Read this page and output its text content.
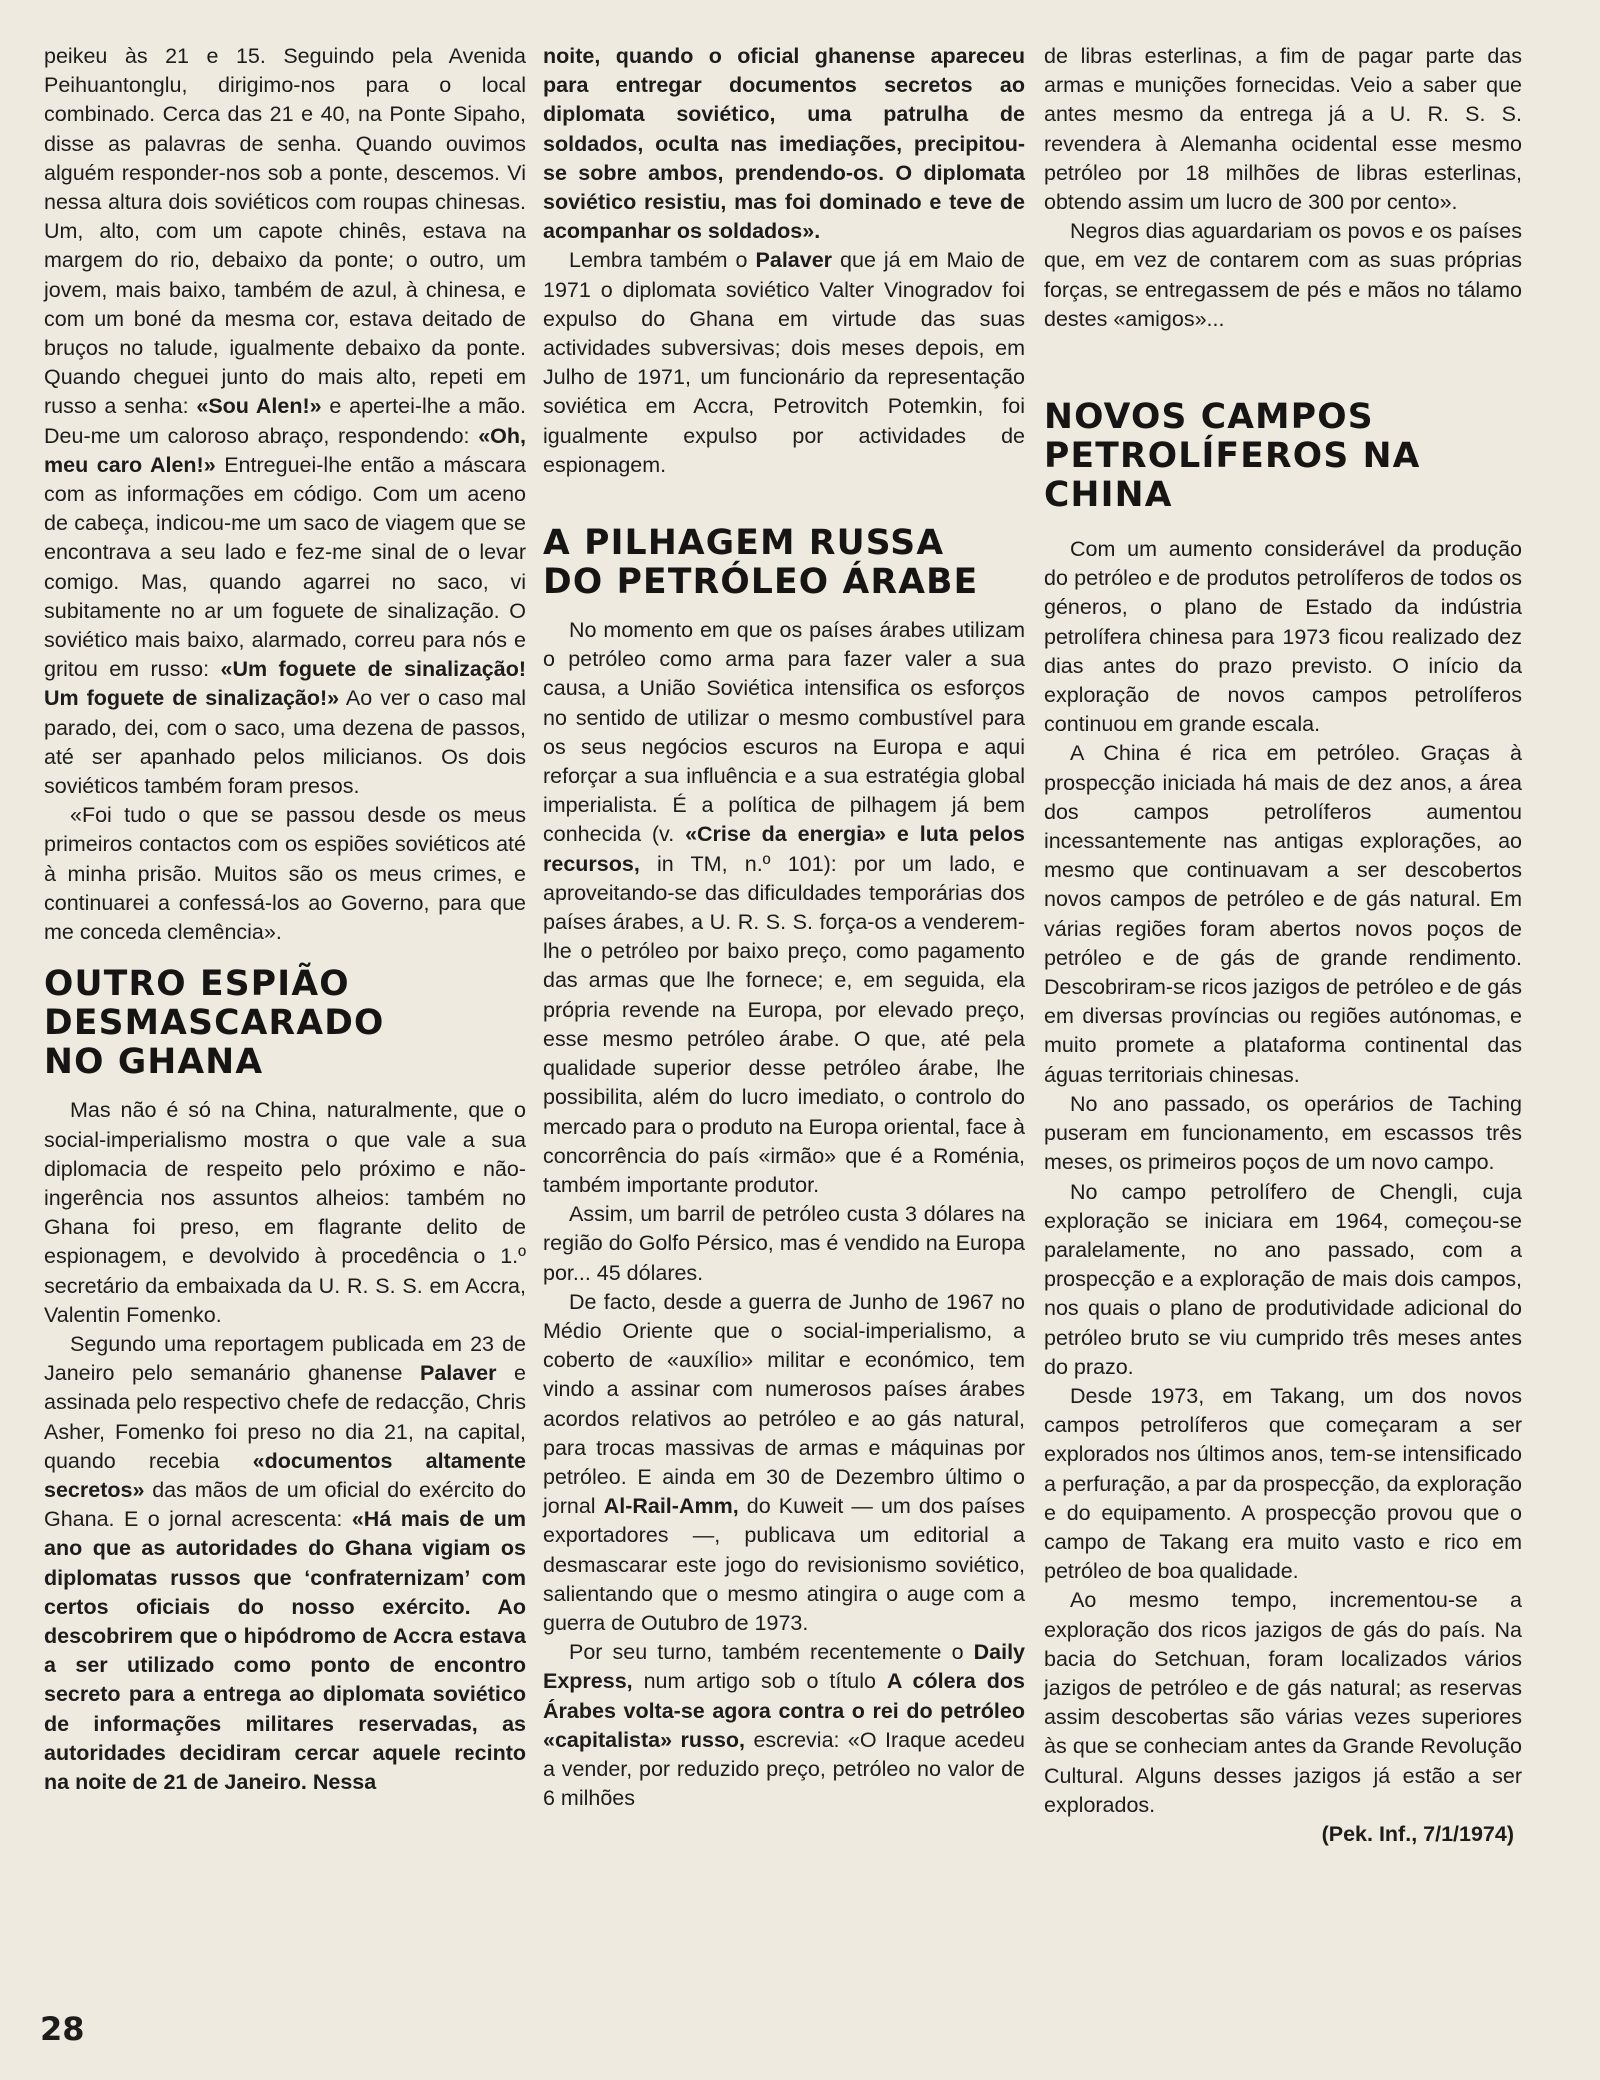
peikeu às 21 e 15. Seguindo pela Avenida Peihuantonglu, dirigimo-nos para o local combinado. Cerca das 21 e 40, na Ponte Sipaho, disse as palavras de senha. Quando ouvimos alguém responder-nos sob a ponte, descemos. Vi nessa altura dois soviéticos com roupas chinesas. Um, alto, com um capote chinês, estava na margem do rio, debaixo da ponte; o outro, um jovem, mais baixo, também de azul, à chinesa, e com um boné da mesma cor, estava deitado de bruços no talude, igualmente debaixo da ponte. Quando cheguei junto do mais alto, repeti em russo a senha: «Sou Alen!» e apertei-lhe a mão. Deu-me um caloroso abraço, respondendo: «Oh, meu caro Alen!» Entreguei-lhe então a máscara com as informações em código. Com um aceno de cabeça, indicou-me um saco de viagem que se encontrava a seu lado e fez-me sinal de o levar comigo. Mas, quando agarrei no saco, vi subitamente no ar um foguete de sinalização. O soviético mais baixo, alarmado, correu para nós e gritou em russo: «Um foguete de sinalização! Um foguete de sinalização!» Ao ver o caso mal parado, dei, com o saco, uma dezena de passos, até ser apanhado pelos milicianos. Os dois soviéticos também foram presos.

«Foi tudo o que se passou desde os meus primeiros contactos com os espiões soviéticos até à minha prisão. Muitos são os meus crimes, e continuarei a confessá-los ao Governo, para que me conceda clemência».

OUTRO ESPIÃO
DESMASCARADO
NO GHANA

Mas não é só na China, naturalmente, que o social-imperialismo mostra o que vale a sua diplomacia de respeito pelo próximo e não-ingerência nos assuntos alheios: também no Ghana foi preso, em flagrante delito de espionagem, e devolvido à procedência o 1.º secretário da embaixada da U. R. S. S. em Accra, Valentin Fomenko.

Segundo uma reportagem publicada em 23 de Janeiro pelo semanário ghanense Palaver e assinada pelo respectivo chefe de redacção, Chris Asher, Fomenko foi preso no dia 21, na capital, quando recebia «documentos altamente secretos» das mãos de um oficial do exército do Ghana. E o jornal acrescenta: «Há mais de um ano que as autoridades do Ghana vigiam os diplomatas russos que ‘confraternizam’ com certos oficiais do nosso exército. Ao descobrirem que o hipódromo de Accra estava a ser utilizado como ponto de encontro secreto para a entrega ao diplomata soviético de informações militares reservadas, as autoridades decidiram cercar aquele recinto na noite de 21 de Janeiro. Nessa

noite, quando o oficial ghanense apareceu para entregar documentos secretos ao diplomata soviético, uma patrulha de soldados, oculta nas imediações, precipitou-se sobre ambos, prendendo-os. O diplomata soviético resistiu, mas foi dominado e teve de acompanhar os soldados».

Lembra também o Palaver que já em Maio de 1971 o diplomata soviético Valter Vinogradov foi expulso do Ghana em virtude das suas actividades subversivas; dois meses depois, em Julho de 1971, um funcionário da representação soviética em Accra, Petrovitch Potemkin, foi igualmente expulso por actividades de espionagem.

A PILHAGEM RUSSA
DO PETRÓLEO ÁRABE

No momento em que os países árabes utilizam o petróleo como arma para fazer valer a sua causa, a União Soviética intensifica os esforços no sentido de utilizar o mesmo combustível para os seus negócios escuros na Europa e aqui reforçar a sua influência e a sua estratégia global imperialista. É a política de pilhagem já bem conhecida (v. «Crise da energia» e luta pelos recursos, in TM, n.º 101): por um lado, e aproveitando-se das dificuldades temporárias dos países árabes, a U. R. S. S. força-os a venderem-lhe o petróleo por baixo preço, como pagamento das armas que lhe fornece; e, em seguida, ela própria revende na Europa, por elevado preço, esse mesmo petróleo árabe. O que, até pela qualidade superior desse petróleo árabe, lhe possibilita, além do lucro imediato, o controlo do mercado para o produto na Europa oriental, face à concorrência do país «irmão» que é a Roménia, também importante produtor.

Assim, um barril de petróleo custa 3 dólares na região do Golfo Pérsico, mas é vendido na Europa por... 45 dólares.

De facto, desde a guerra de Junho de 1967 no Médio Oriente que o social-imperialismo, a coberto de «auxílio» militar e económico, tem vindo a assinar com numerosos países árabes acordos relativos ao petróleo e ao gás natural, para trocas massivas de armas e máquinas por petróleo. E ainda em 30 de Dezembro último o jornal Al-Rail-Amm, do Kuweit — um dos países exportadores —, publicava um editorial a desmascarar este jogo do revisionismo soviético, salientando que o mesmo atingira o auge com a guerra de Outubro de 1973.

Por seu turno, também recentemente o Daily Express, num artigo sob o título A cólera dos Árabes volta-se agora contra o rei do petróleo «capitalista» russo, escrevia: «O Iraque acedeu a vender, por reduzido preço, petróleo no valor de 6 milhões

de libras esterlinas, a fim de pagar parte das armas e munições fornecidas. Veio a saber que antes mesmo da entrega já a U. R. S. S. revendera à Alemanha ocidental esse mesmo petróleo por 18 milhões de libras esterlinas, obtendo assim um lucro de 300 por cento».

Negros dias aguardariam os povos e os países que, em vez de contarem com as suas próprias forças, se entregassem de pés e mãos no tálamo destes «amigos»...

NOVOS CAMPOS
PETROLÍFEROS NA CHINA

Com um aumento considerável da produção do petróleo e de produtos petrolíferos de todos os géneros, o plano de Estado da indústria petrolífera chinesa para 1973 ficou realizado dez dias antes do prazo previsto. O início da exploração de novos campos petrolíferos continuou em grande escala.

A China é rica em petróleo. Graças à prospecção iniciada há mais de dez anos, a área dos campos petrolíferos aumentou incessantemente nas antigas explorações, ao mesmo que continuavam a ser descobertos novos campos de petróleo e de gás natural. Em várias regiões foram abertos novos poços de petróleo e de gás de grande rendimento. Descobriram-se ricos jazigos de petróleo e de gás em diversas províncias ou regiões autónomas, e muito promete a plataforma continental das águas territoriais chinesas.

No ano passado, os operários de Taching puseram em funcionamento, em escassos três meses, os primeiros poços de um novo campo.

No campo petrolífero de Chengli, cuja exploração se iniciara em 1964, começou-se paralelamente, no ano passado, com a prospecção e a exploração de mais dois campos, nos quais o plano de produtividade adicional do petróleo bruto se viu cumprido três meses antes do prazo.

Desde 1973, em Takang, um dos novos campos petrolíferos que começaram a ser explorados nos últimos anos, tem-se intensificado a perfuração, a par da prospecção, da exploração e do equipamento. A prospecção provou que o campo de Takang era muito vasto e rico em petróleo de boa qualidade.

Ao mesmo tempo, incrementou-se a exploração dos ricos jazigos de gás do país. Na bacia do Setchuan, foram localizados vários jazigos de petróleo e de gás natural; as reservas assim descobertas são várias vezes superiores às que se conheciam antes da Grande Revolução Cultural. Alguns desses jazigos já estão a ser explorados.

(Pek. Inf., 7/1/1974)

28
